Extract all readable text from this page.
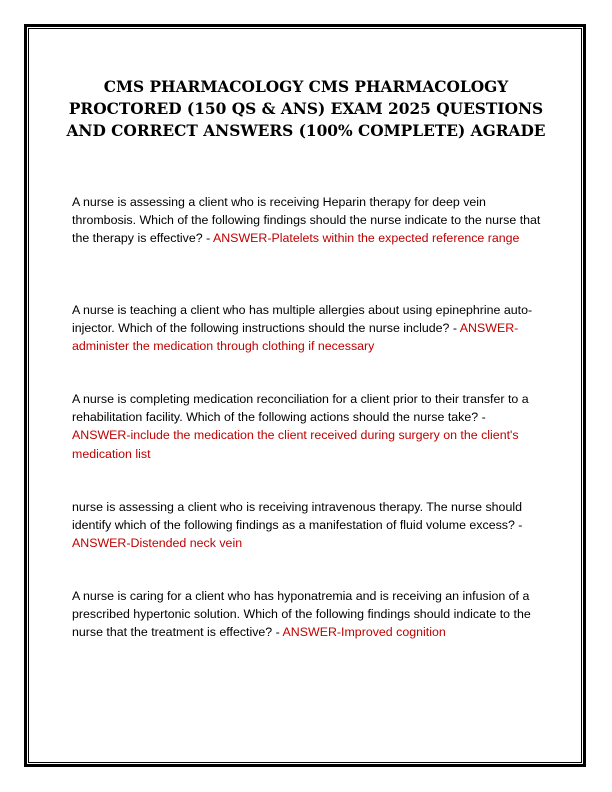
CMS PHARMACOLOGY CMS PHARMACOLOGY PROCTORED (150 QS & ANS) EXAM 2025 QUESTIONS AND CORRECT ANSWERS (100% COMPLETE) AGRADE

A nurse is assessing a client who is receiving Heparin therapy for deep vein thrombosis. Which of the following findings should the nurse indicate to the nurse that the therapy is effective? - ANSWER-Platelets within the expected reference range

A nurse is teaching a client who has multiple allergies about using epinephrine auto-injector. Which of the following instructions should the nurse include? - ANSWER-administer the medication through clothing if necessary

A nurse is completing medication reconciliation for a client prior to their transfer to a rehabilitation facility. Which of the following actions should the nurse take? - ANSWER-include the medication the client received during surgery on the client's medication list

nurse is assessing a client who is receiving intravenous therapy. The nurse should identify which of the following findings as a manifestation of fluid volume excess? - ANSWER-Distended neck vein

A nurse is caring for a client who has hyponatremia and is receiving an infusion of a prescribed hypertonic solution. Which of the following findings should indicate to the nurse that the treatment is effective? - ANSWER-Improved cognition
